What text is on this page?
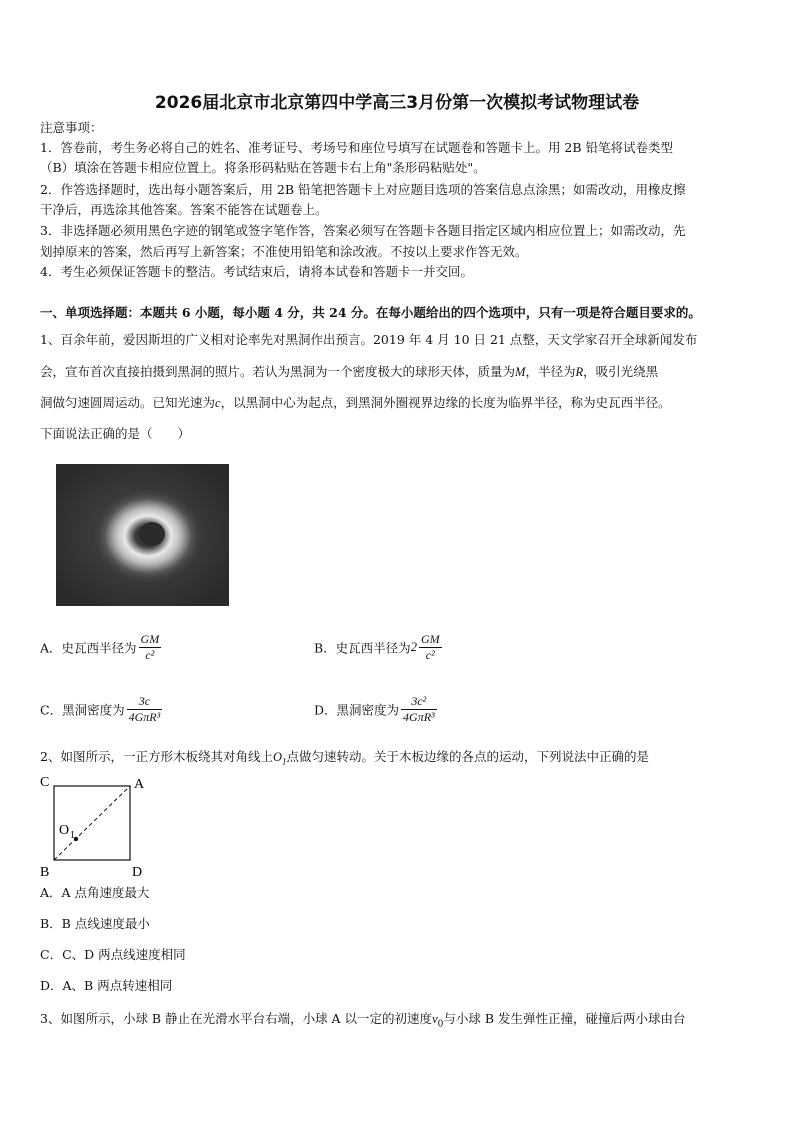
2026届北京市北京第四中学高三3月份第一次模拟考试物理试卷
注意事项：
1．答卷前，考生务必将自己的姓名、准考证号、考场号和座位号填写在试题卷和答题卡上。用 2B 铅笔将试卷类型
（B）填涂在答题卡相应位置上。将条形码粘贴在答题卡右上角"条形码粘贴处"。
2．作答选择题时，选出每小题答案后，用 2B 铅笔把答题卡上对应题目选项的答案信息点涂黑；如需改动，用橡皮擦
干净后，再选涂其他答案。答案不能答在试题卷上。
3．非选择题必须用黑色字迹的钢笔或签字笔作答，答案必须写在答题卡各题目指定区域内相应位置上；如需改动，先
划掉原来的答案，然后再写上新答案；不准使用铅笔和涂改液。不按以上要求作答无效。
4．考生必须保证答题卡的整洁。考试结束后，请将本试卷和答题卡一并交回。
一、单项选择题：本题共 6 小题，每小题 4 分，共 24 分。在每小题给出的四个选项中，只有一项是符合题目要求的。
1、百余年前，爱因斯坦的广义相对论率先对黑洞作出预言。2019 年 4 月 10 日 21 点整，天文学家召开全球新闻发布
会，宣布首次直接拍摄到黑洞的照片。若认为黑洞为一个密度极大的球形天体，质量为M，半径为R，吸引光绕黑
洞做匀速圆周运动。已知光速为c，以黑洞中心为起点，到黑洞外圈视界边缘的长度为临界半径，称为史瓦西半径。
下面说法正确的是（　　）
A．史瓦西半径为 $\frac{GM}{\text{c²}}$	B．史瓦西半径为$2 \frac{GM}{\text{c²}}$
C．黑洞密度为 $\frac{3c}{\text{4GπR³}}$	D．黑洞密度为 $\frac{\text{3c²}}{\text{4GπR³}}$
2、如图所示，一正方形木板绕其对角线上$O_1$点做匀速转动。关于木板边缘的各点的运动，下列说法中正确的是
C	A
B	D
O 1
A．A 点角速度最大
B．B 点线速度最小
C．C、D 两点线速度相同
D．A、B 两点转速相同
3、如图所示，小球 B 静止在光滑水平台右端，小球 A 以一定的初速度$v_0$与小球 B 发生弹性正撞，碰撞后两小球由台
